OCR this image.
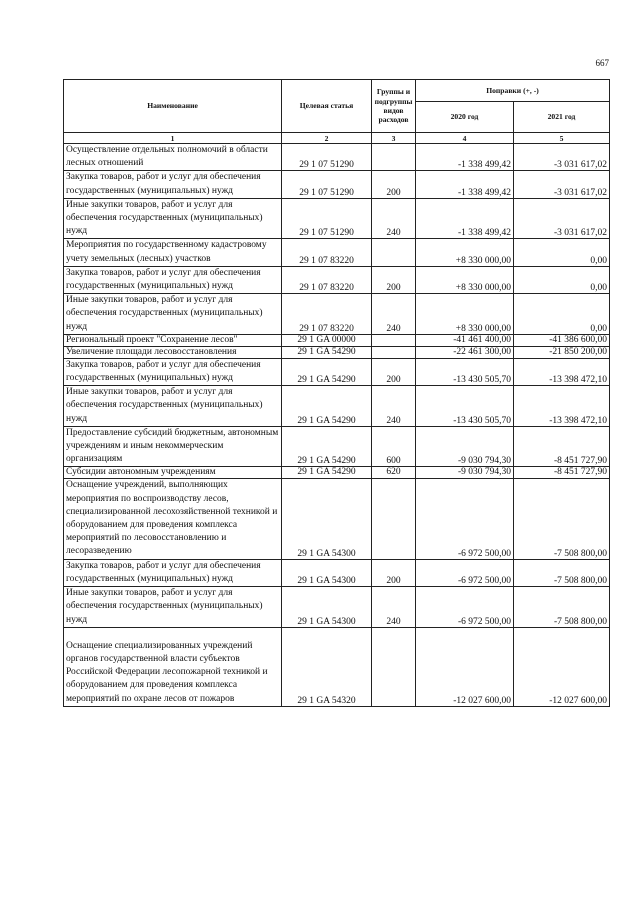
667
Наименование	Целевая статья	Группы и подгруппы видов расходов	Поправки (+, -)	
			2020 год	2021 год
1	2	3	4	5
Осуществление отдельных полномочий в области лесных отношений	29 1 07 51290		-1 338 499,42	-3 031 617,02
Закупка товаров, работ и услуг для обеспечения государственных (муниципальных) нужд	29 1 07 51290	200	-1 338 499,42	-3 031 617,02
Иные закупки товаров, работ и услуг для обеспечения государственных (муниципальных) нужд	29 1 07 51290	240	-1 338 499,42	-3 031 617,02
Мероприятия по государственному кадастровому учету земельных (лесных) участков	29 1 07 83220		+8 330 000,00	0,00
Закупка товаров, работ и услуг для обеспечения государственных (муниципальных) нужд	29 1 07 83220	200	+8 330 000,00	0,00
Иные закупки товаров, работ и услуг для обеспечения государственных (муниципальных) нужд	29 1 07 83220	240	+8 330 000,00	0,00
Региональный проект "Сохранение лесов"	29 1 GA 00000		-41 461 400,00	-41 386 600,00
Увеличение площади лесовосстановления	29 1 GA 54290		-22 461 300,00	-21 850 200,00
Закупка товаров, работ и услуг для обеспечения государственных (муниципальных) нужд	29 1 GA 54290	200	-13 430 505,70	-13 398 472,10
Иные закупки товаров, работ и услуг для обеспечения государственных (муниципальных) нужд	29 1 GA 54290	240	-13 430 505,70	-13 398 472,10
Предоставление субсидий бюджетным, автономным учреждениям и иным некоммерческим организациям	29 1 GA 54290	600	-9 030 794,30	-8 451 727,90
Субсидии автономным учреждениям	29 1 GA 54290	620	-9 030 794,30	-8 451 727,90
Оснащение учреждений, выполняющих мероприятия по воспроизводству лесов, специализированной лесохозяйственной техникой и оборудованием для проведения комплекса мероприятий по лесовосстановлению и лесоразведению	29 1 GA 54300		-6 972 500,00	-7 508 800,00
Закупка товаров, работ и услуг для обеспечения государственных (муниципальных) нужд	29 1 GA 54300	200	-6 972 500,00	-7 508 800,00
Иные закупки товаров, работ и услуг для обеспечения государственных (муниципальных) нужд	29 1 GA 54300	240	-6 972 500,00	-7 508 800,00
Оснащение специализированных учреждений органов государственной власти субъектов Российской Федерации лесопожарной техникой и оборудованием для проведения комплекса мероприятий по охране лесов от пожаров	29 1 GA 54320		-12 027 600,00	-12 027 600,00
